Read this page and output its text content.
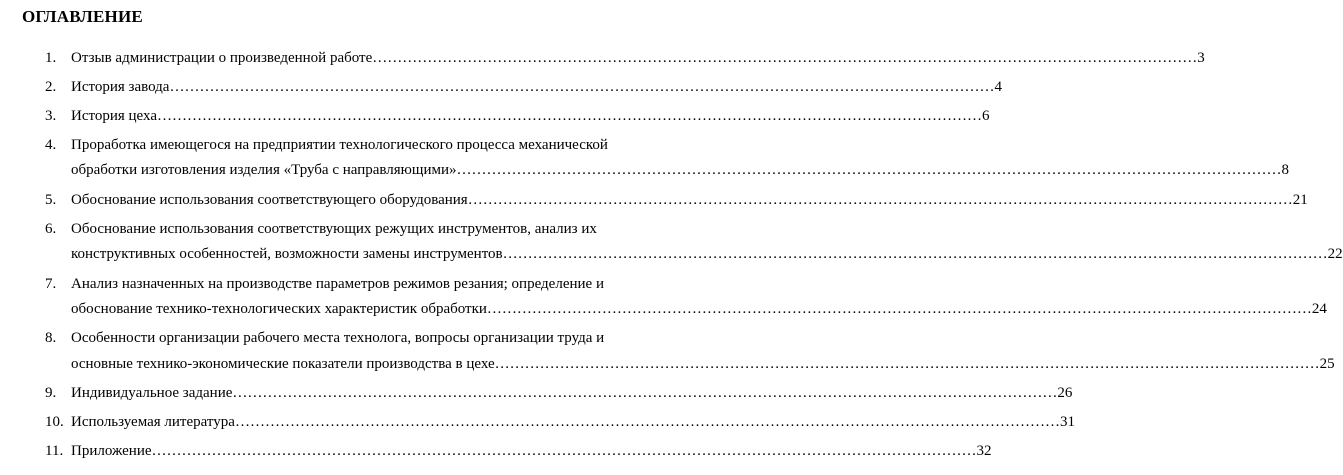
ОГЛАВЛЕНИЕ
1. Отзыв администрации о произведенной работе ………………………………………………………………………………………………………………………………………………… 3
2. История завода ………………………………………………………………………………………………………………………………………………… 4
3. История цеха ………………………………………………………………………………………………………………………………………………… 6
4. Проработка имеющегося на предприятии технологического процесса механической
обработки изготовления изделия «Труба с направляющими» ………………………………………………………………………………………………………………………………………………… 8
5. Обоснование использования соответствующего оборудования ………………………………………………………………………………………………………………………………………………… 21
6. Обоснование использования соответствующих режущих инструментов, анализ их
конструктивных особенностей, возможности замены инструментов ………………………………………………………………………………………………………………………………………………… 22
7. Анализ назначенных на производстве параметров режимов резания; определение и
обоснование технико-технологических характеристик обработки ………………………………………………………………………………………………………………………………………………… 24
8. Особенности организации рабочего места технолога, вопросы организации труда и
основные технико-экономические показатели производства в цехе ………………………………………………………………………………………………………………………………………………… 25
9. Индивидуальное задание ………………………………………………………………………………………………………………………………………………… 26
10. Используемая литература ………………………………………………………………………………………………………………………………………………… 31
11. Приложение ………………………………………………………………………………………………………………………………………………… 32
